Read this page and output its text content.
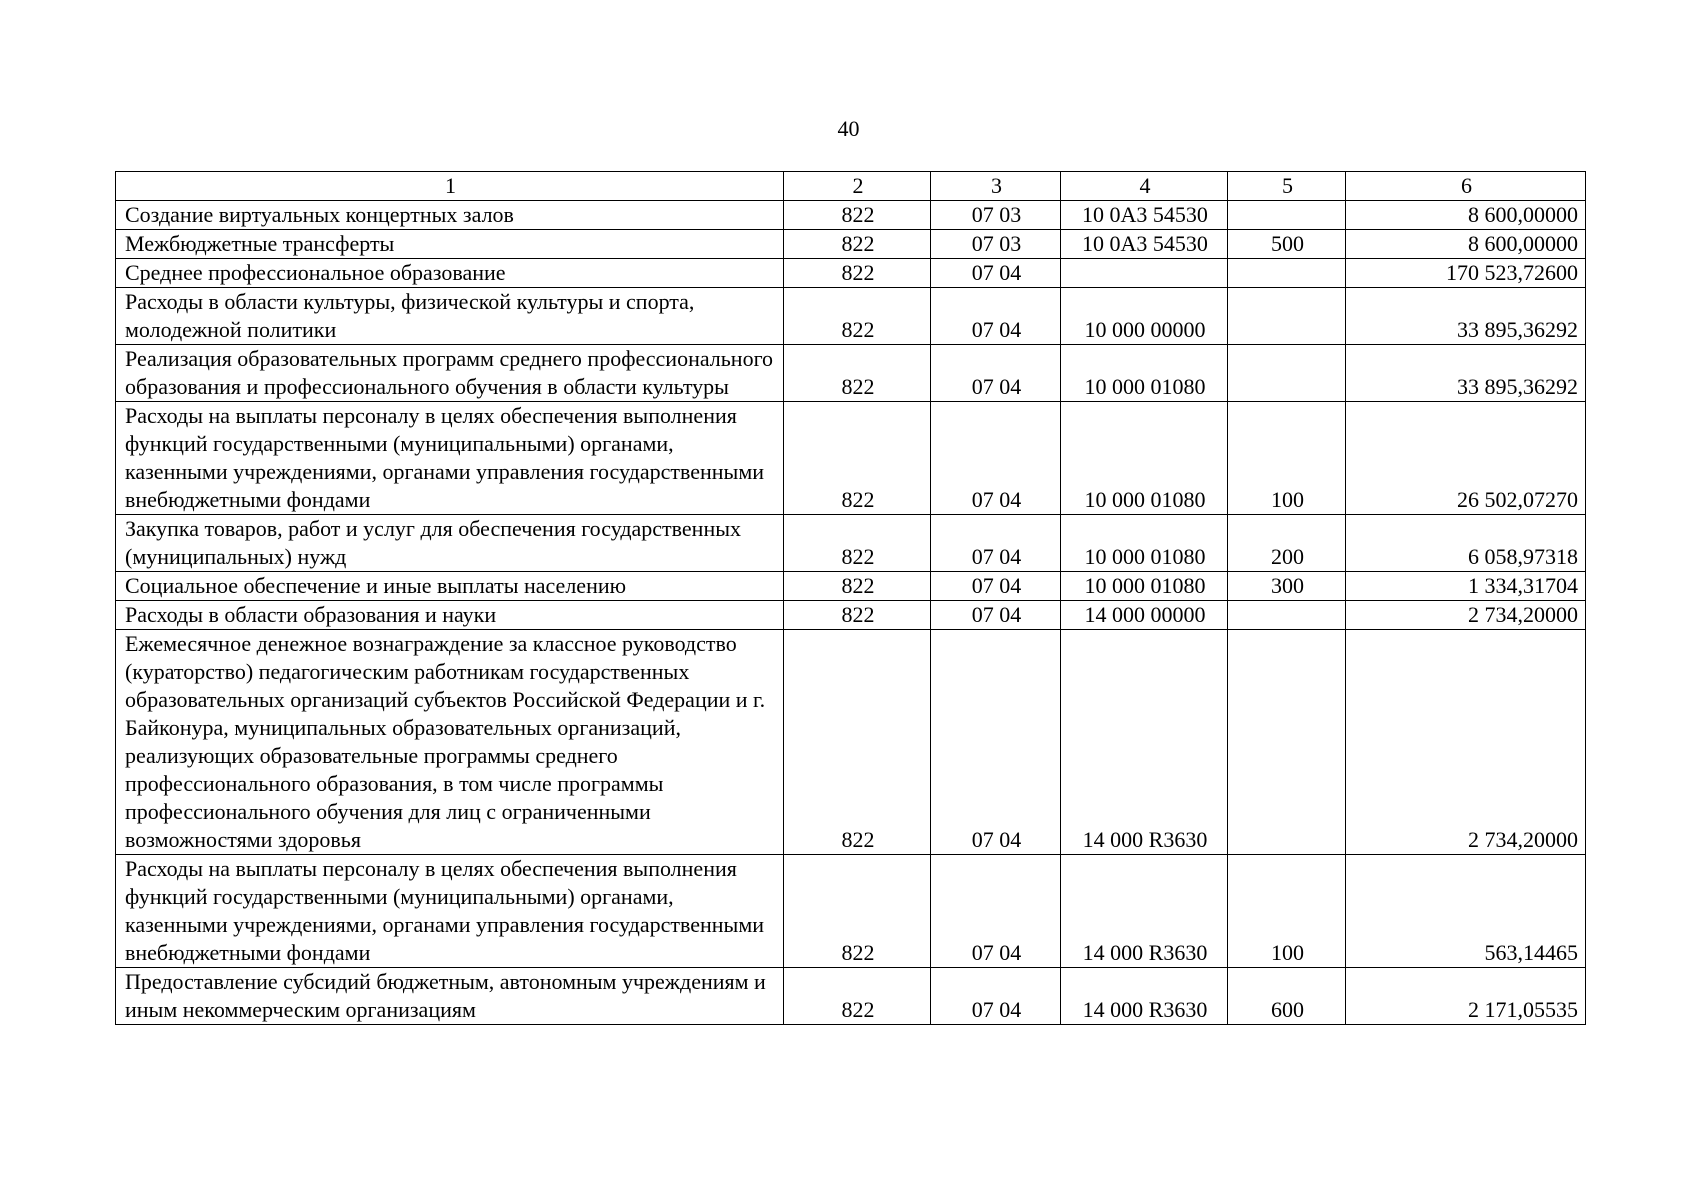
40
1	2	3	4	5	6
Создание виртуальных концертных залов	822	07 03	10 0А3 54530		8 600,00000
Межбюджетные трансферты	822	07 03	10 0А3 54530	500	8 600,00000
Среднее профессиональное образование	822	07 04			170 523,72600
Расходы в области культуры, физической культуры и спорта, молодежной политики	822	07 04	10 000 00000		33 895,36292
Реализация образовательных программ среднего профессионального образования и профессионального обучения в области культуры	822	07 04	10 000 01080		33 895,36292
Расходы на выплаты персоналу в целях обеспечения выполнения функций государственными (муниципальными) органами, казенными учреждениями, органами управления государственными внебюджетными фондами	822	07 04	10 000 01080	100	26 502,07270
Закупка товаров, работ и услуг для обеспечения государственных (муниципальных) нужд	822	07 04	10 000 01080	200	6 058,97318
Социальное обеспечение и иные выплаты населению	822	07 04	10 000 01080	300	1 334,31704
Расходы в области образования и науки	822	07 04	14 000 00000		2 734,20000
Ежемесячное денежное вознаграждение за классное руководство (кураторство) педагогическим работникам государственных образовательных организаций субъектов Российской Федерации и г. Байконура, муниципальных образовательных организаций, реализующих образовательные программы среднего профессионального образования, в том числе программы профессионального обучения для лиц с ограниченными возможностями здоровья	822	07 04	14 000 R3630		2 734,20000
Расходы на выплаты персоналу в целях обеспечения выполнения функций государственными (муниципальными) органами, казенными учреждениями, органами управления государственными внебюджетными фондами	822	07 04	14 000 R3630	100	563,14465
Предоставление субсидий бюджетным, автономным учреждениям и иным некоммерческим организациям	822	07 04	14 000 R3630	600	2 171,05535
